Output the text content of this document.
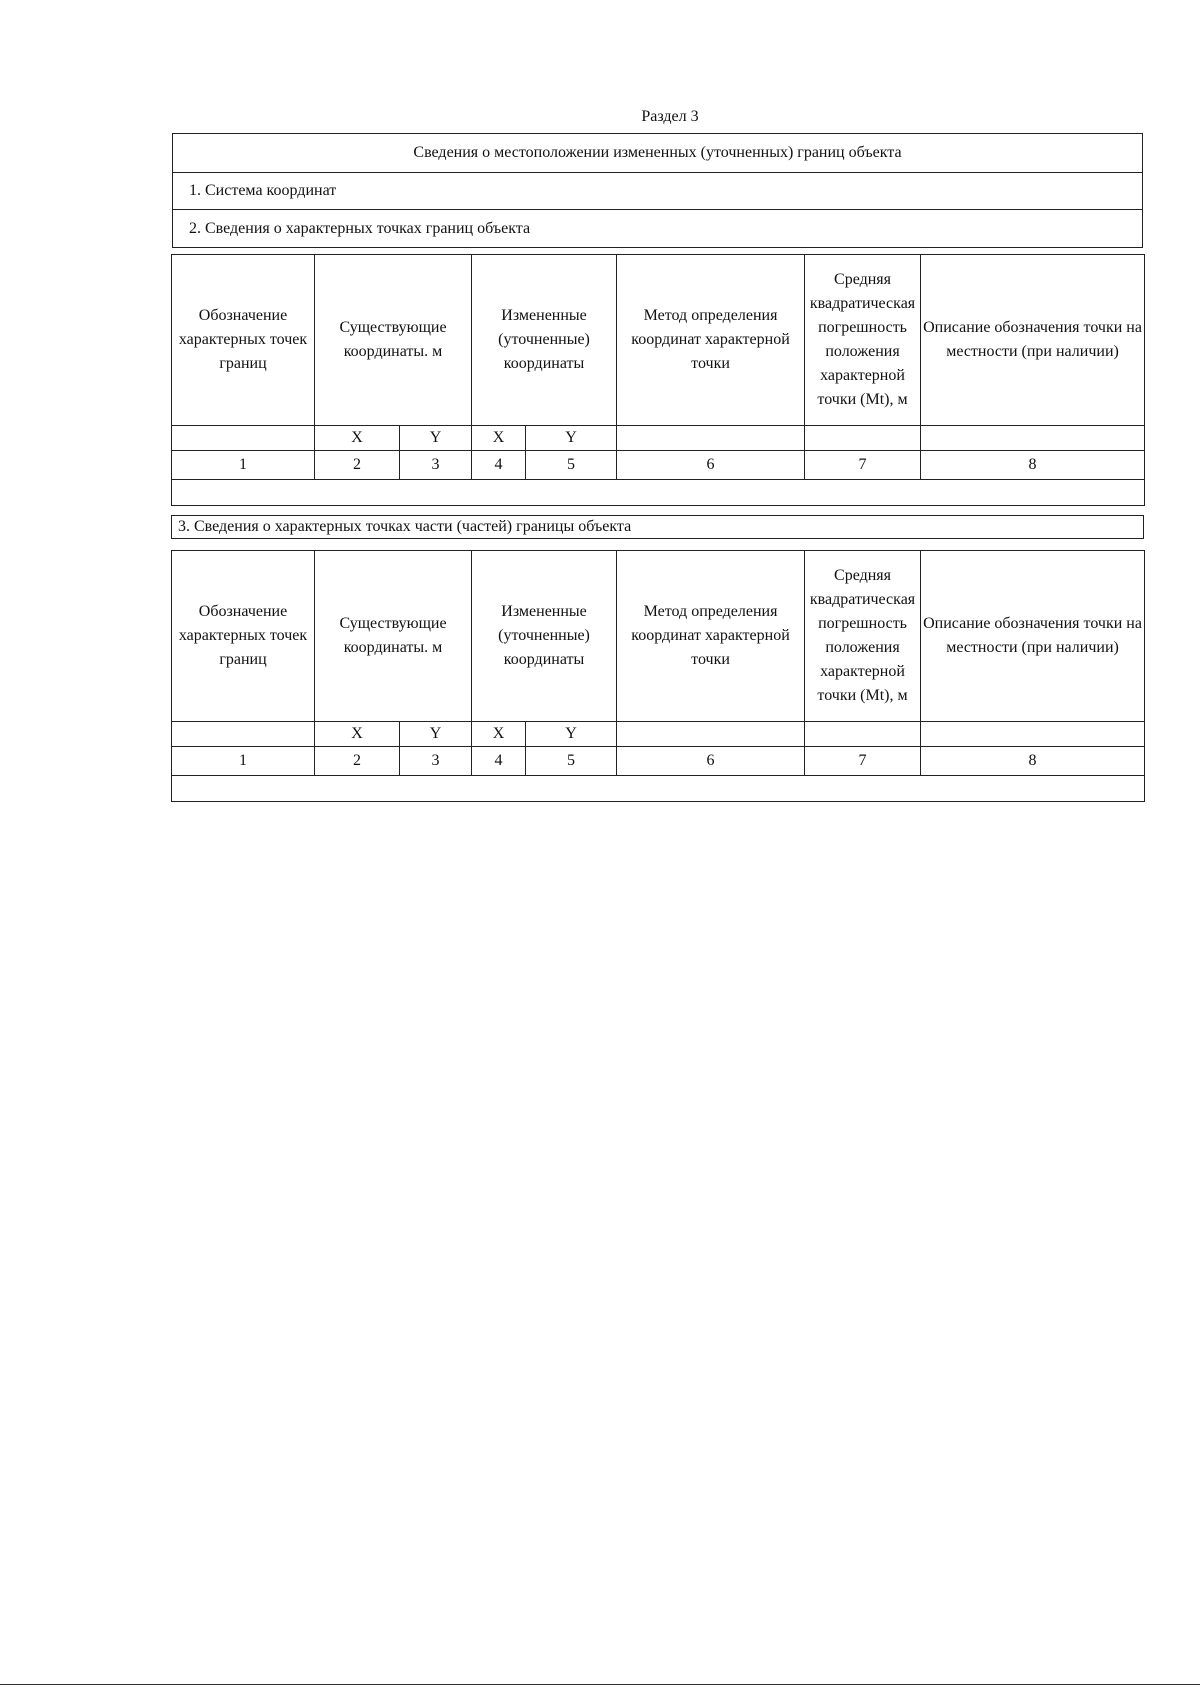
Раздел 3
Сведения о местоположении измененных (уточненных) границ объекта
1. Система координат
2. Сведения о характерных точках границ объекта
Обозначение характерных точек границ	Существующие координаты. м		Измененные (уточненные) координаты		Метод определения координат характерной точки	Средняя квадратическая погрешность положения характерной точки (Mt), м	Описание обозначения точки на местности (при наличии)
	X	Y	X	Y			
1	2	3	4	5	6	7	8

3. Сведения о характерных точках части (частей) границы объекта
Обозначение характерных точек границ	Существующие координаты. м		Измененные (уточненные) координаты		Метод определения координат характерной точки	Средняя квадратическая погрешность положения характерной точки (Mt), м	Описание обозначения точки на местности (при наличии)
	X	Y	X	Y			
1	2	3	4	5	6	7	8
